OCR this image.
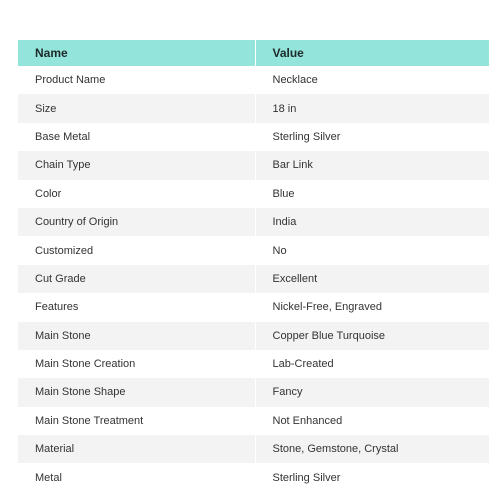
Name	Value
Product Name	Necklace
Size	18 in
Base Metal	Sterling Silver
Chain Type	Bar Link
Color	Blue
Country of Origin	India
Customized	No
Cut Grade	Excellent
Features	Nickel-Free, Engraved
Main Stone	Copper Blue Turquoise
Main Stone Creation	Lab-Created
Main Stone Shape	Fancy
Main Stone Treatment	Not Enhanced
Material	Stone, Gemstone, Crystal
Metal	Sterling Silver
